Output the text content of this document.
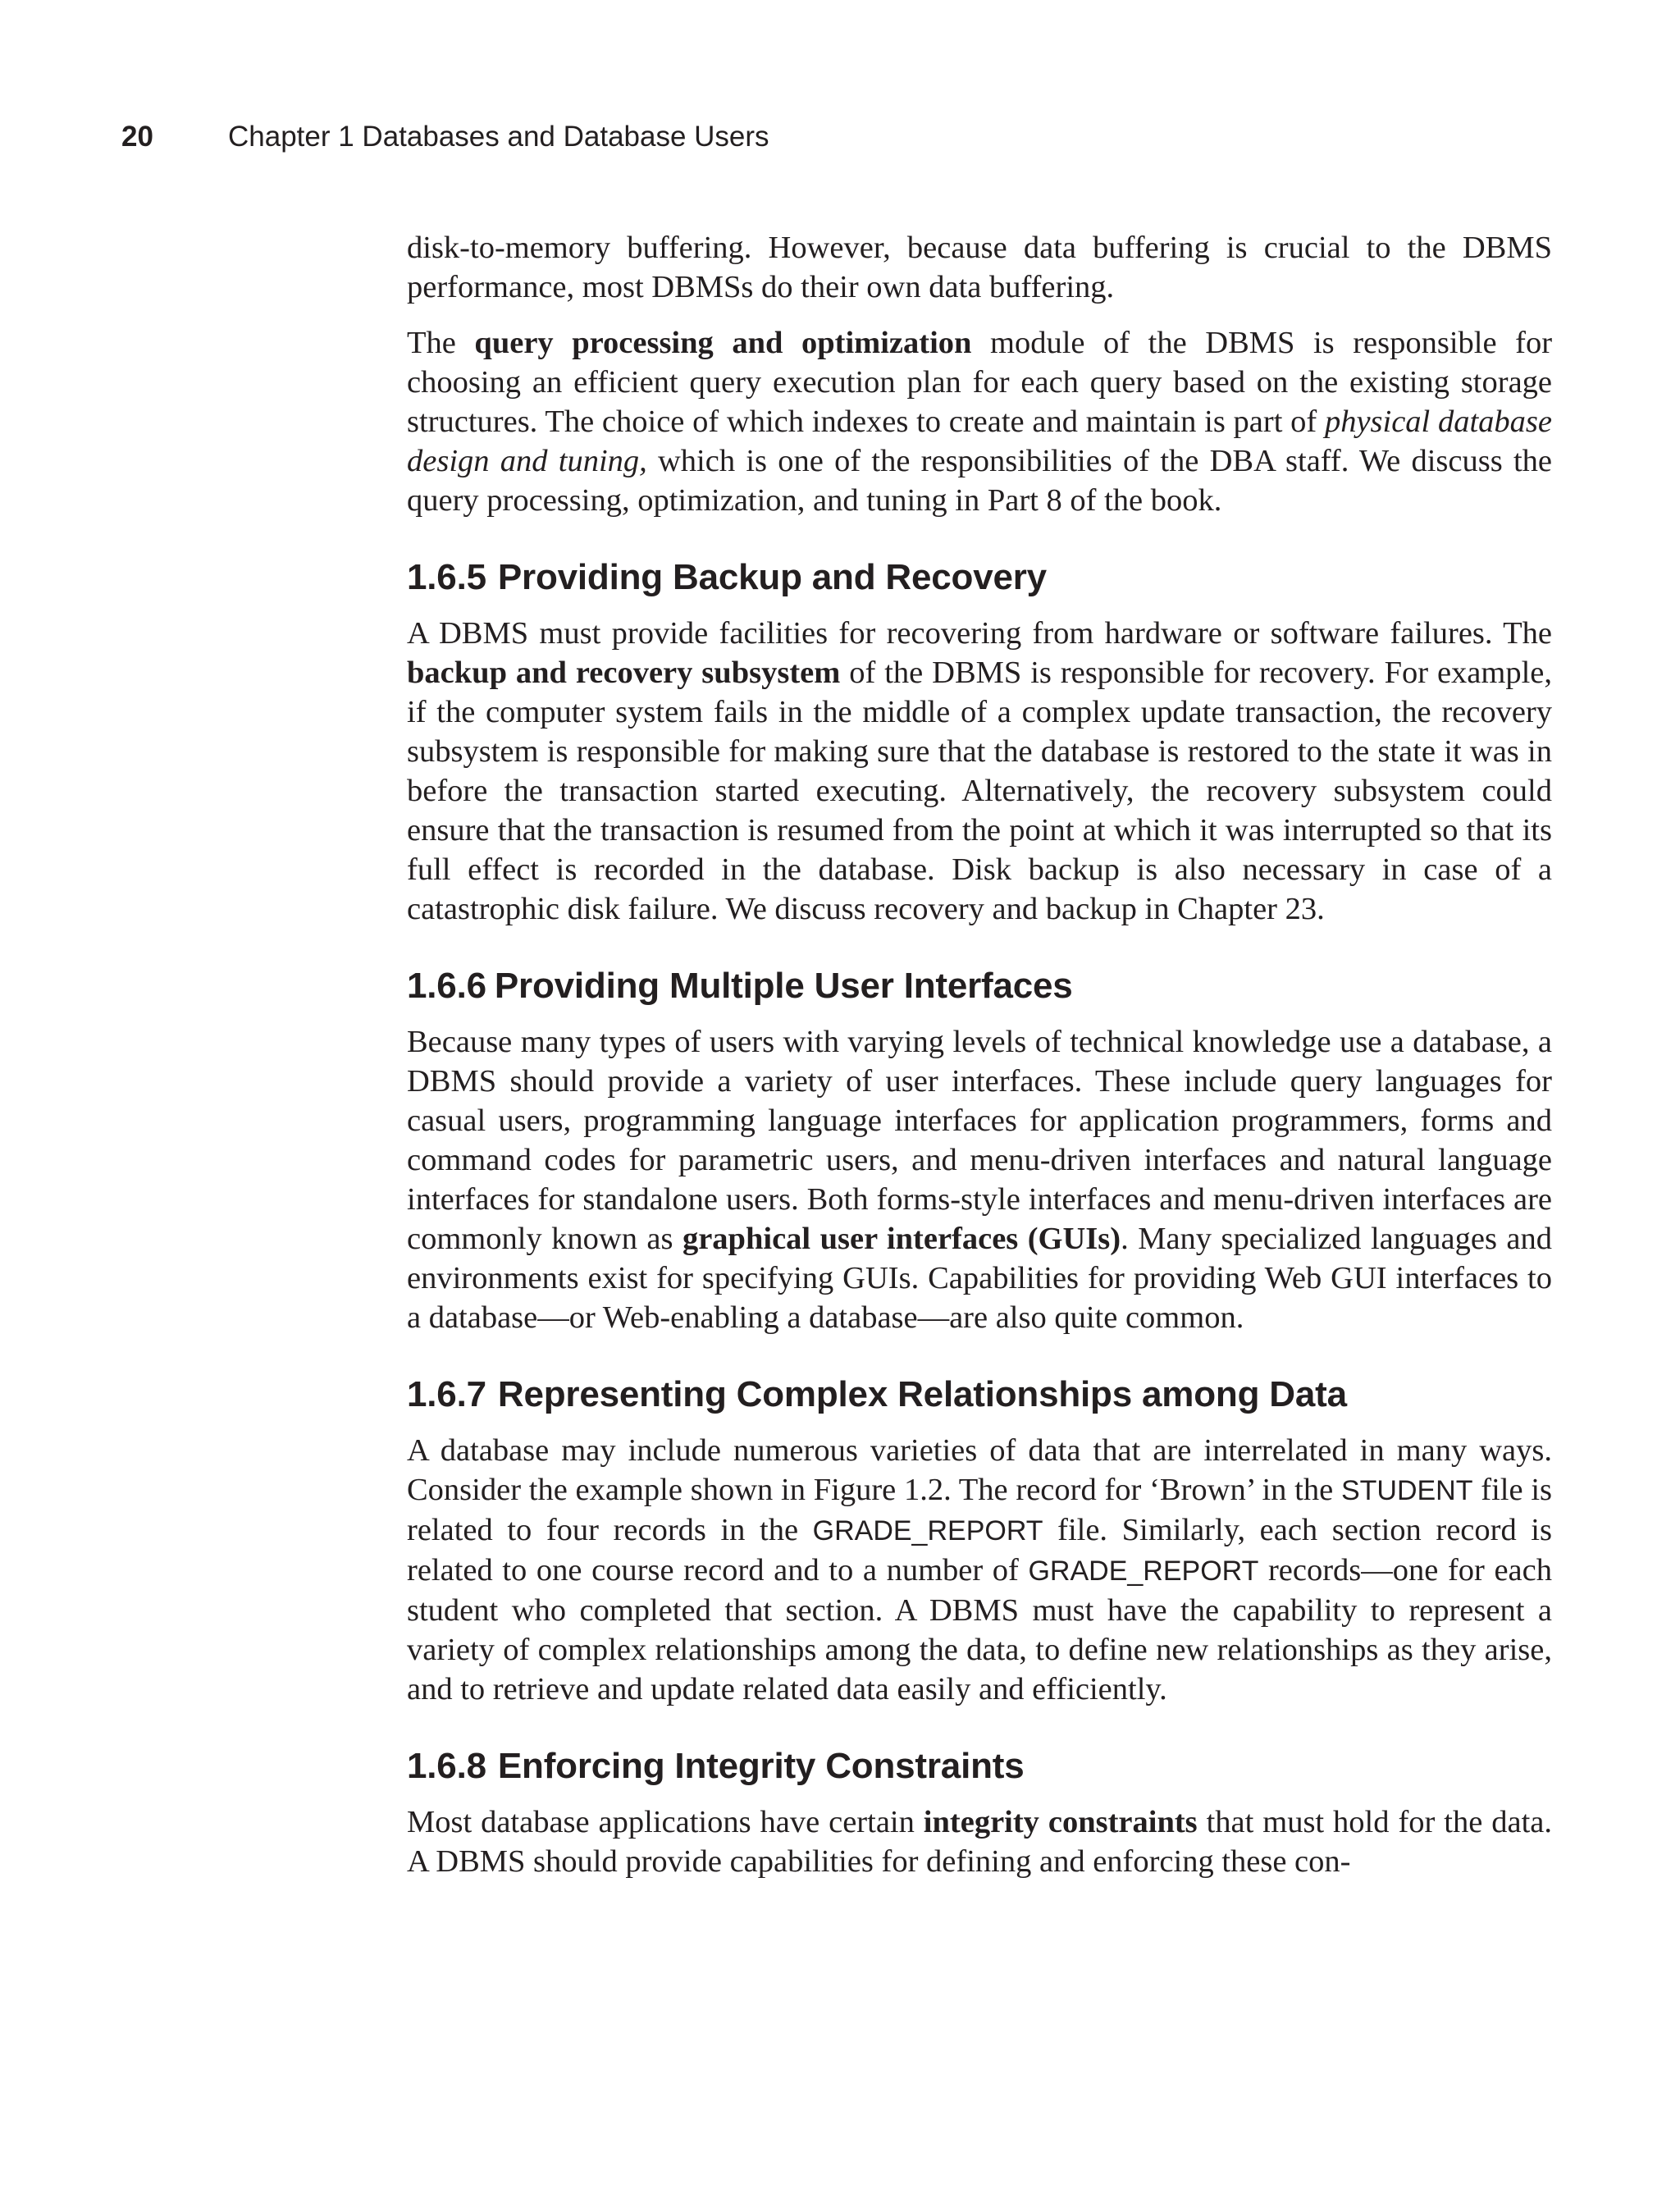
20	Chapter 1 Databases and Database Users

disk-to-memory buffering. However, because data buffering is crucial to the DBMS performance, most DBMSs do their own data buffering.

The query processing and optimization module of the DBMS is responsible for choosing an efficient query execution plan for each query based on the existing storage structures. The choice of which indexes to create and maintain is part of physical database design and tuning, which is one of the responsibilities of the DBA staff. We discuss the query processing, optimization, and tuning in Part 8 of the book.

1.6.5 Providing Backup and Recovery

A DBMS must provide facilities for recovering from hardware or software failures. The backup and recovery subsystem of the DBMS is responsible for recovery. For example, if the computer system fails in the middle of a complex update transaction, the recovery subsystem is responsible for making sure that the database is restored to the state it was in before the transaction started executing. Alternatively, the recovery subsystem could ensure that the transaction is resumed from the point at which it was interrupted so that its full effect is recorded in the database. Disk backup is also necessary in case of a catastrophic disk failure. We discuss recovery and backup in Chapter 23.

1.6.6 Providing Multiple User Interfaces

Because many types of users with varying levels of technical knowledge use a database, a DBMS should provide a variety of user interfaces. These include query languages for casual users, programming language interfaces for application programmers, forms and command codes for parametric users, and menu-driven interfaces and natural language interfaces for standalone users. Both forms-style interfaces and menu-driven interfaces are commonly known as graphical user interfaces (GUIs). Many specialized languages and environments exist for specifying GUIs. Capabilities for providing Web GUI interfaces to a database—or Web-enabling a database—are also quite common.

1.6.7 Representing Complex Relationships among Data

A database may include numerous varieties of data that are interrelated in many ways. Consider the example shown in Figure 1.2. The record for ‘Brown’ in the STUDENT file is related to four records in the GRADE_REPORT file. Similarly, each section record is related to one course record and to a number of GRADE_REPORT records—one for each student who completed that section. A DBMS must have the capability to represent a variety of complex relationships among the data, to define new relationships as they arise, and to retrieve and update related data easily and efficiently.

1.6.8 Enforcing Integrity Constraints

Most database applications have certain integrity constraints that must hold for the data. A DBMS should provide capabilities for defining and enforcing these con-
